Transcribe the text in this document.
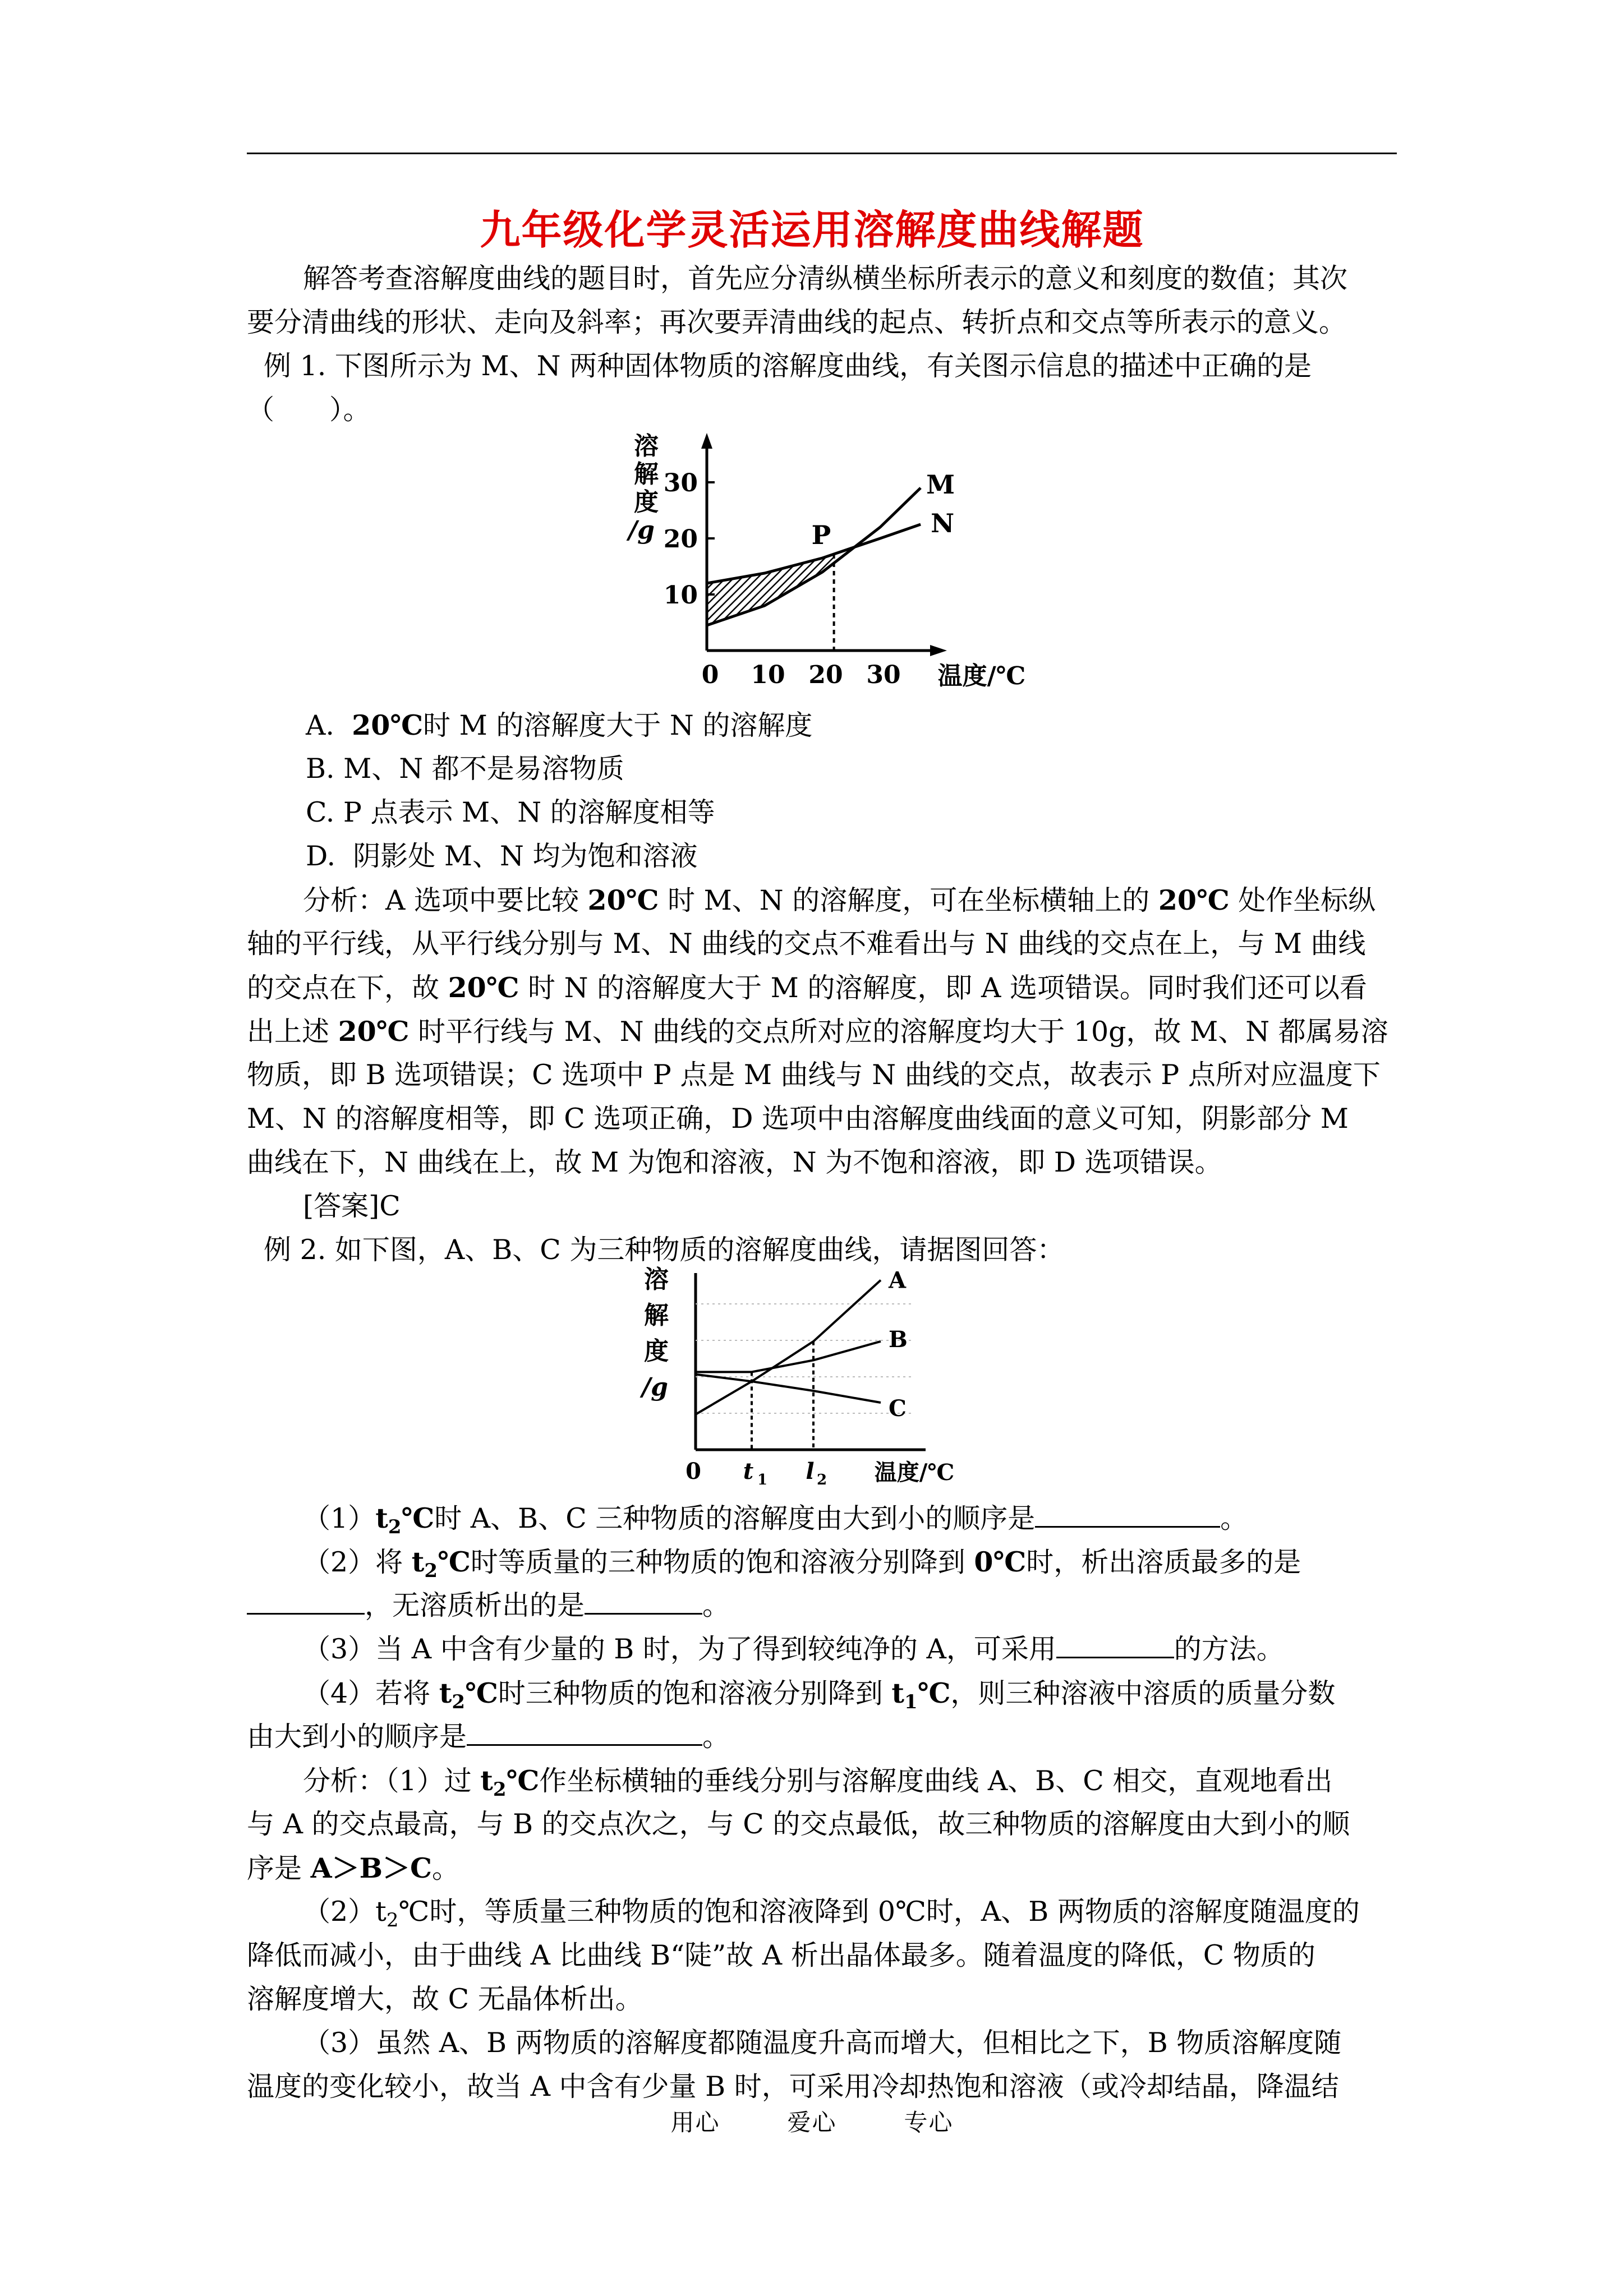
九年级化学灵活运用溶解度曲线解题
解答考查溶解度曲线的题目时，首先应分清纵横坐标所表示的意义和刻度的数值；其次
要分清曲线的形状、走向及斜率；再次要弄清曲线的起点、转折点和交点等所表示的意义。
例 1. 下图所示为 M、N 两种固体物质的溶解度曲线，有关图示信息的描述中正确的是
（　　）。
溶
解
度
/g
30
20
10
0 10 20 30 温度/℃
M
N
P
A. 20℃时 M 的溶解度大于 N 的溶解度
B. M、N 都不是易溶物质
C. P 点表示 M、N 的溶解度相等
D. 阴影处 M、N 均为饱和溶液
分析：A 选项中要比较 20℃ 时 M、N 的溶解度，可在坐标横轴上的 20℃ 处作坐标纵
轴的平行线，从平行线分别与 M、N 曲线的交点不难看出与 N 曲线的交点在上，与 M 曲线
的交点在下，故 20℃ 时 N 的溶解度大于 M 的溶解度，即 A 选项错误。同时我们还可以看
出上述 20℃ 时平行线与 M、N 曲线的交点所对应的溶解度均大于 10g，故 M、N 都属易溶
物质，即 B 选项错误；C 选项中 P 点是 M 曲线与 N 曲线的交点，故表示 P 点所对应温度下
M、N 的溶解度相等，即 C 选项正确，D 选项中由溶解度曲线面的意义可知，阴影部分 M
曲线在下，N 曲线在上，故 M 为饱和溶液，N 为不饱和溶液，即 D 选项错误。
[答案]C
例 2. 如下图，A、B、C 为三种物质的溶解度曲线，请据图回答：
溶
解
度
/g
A
B
C
0 t 1 l 2 温度/℃
$(1)t_2℃$时 A、B、C 三种物质的溶解度由大到小的顺序是	。
（2）将 $t_2℃$时等质量的三种物质的饱和溶液分别降到 0℃时，析出溶质最多的是
，无溶质析出的是	。
（3）当 A 中含有少量的 B 时，为了得到较纯净的 A，可采用	的方法。
（4）若将 $t_2℃$时三种物质的饱和溶液分别降到 $t_1℃$，则三种溶液中溶质的质量分数
由大到小的顺序是	。
分析：（1）过 $t_2℃$作坐标横轴的垂线分别与溶解度曲线 A、B、C 相交，直观地看出
与 A 的交点最高，与 B 的交点次之，与 C 的交点最低，故三种物质的溶解度由大到小的顺
序是 A＞B＞C。
$(2)t_2℃$时，等质量三种物质的饱和溶液降到 0℃时，A、B 两物质的溶解度随温度的
降低而减小，由于曲线 A 比曲线 B“陡”故 A 析出晶体最多。随着温度的降低，C 物质的
溶解度增大，故 C 无晶体析出。
（3）虽然 A、B 两物质的溶解度都随温度升高而增大，但相比之下，B 物质溶解度随
温度的变化较小，故当 A 中含有少量 B 时，可采用冷却热饱和溶液（或冷却结晶，降温结
用心	爱心	专心
